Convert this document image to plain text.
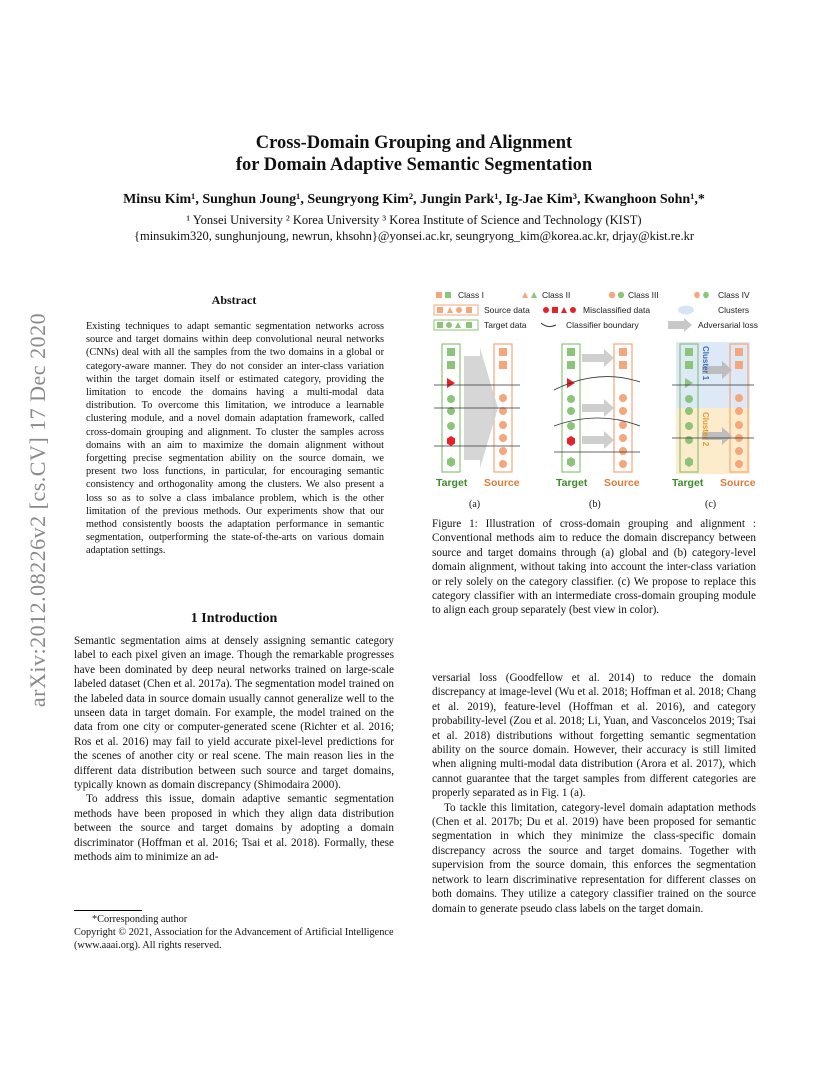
arXiv:2012.08226v2 [cs.CV] 17 Dec 2020
Cross-Domain Grouping and Alignment
for Domain Adaptive Semantic Segmentation
Minsu Kim¹, Sunghun Joung¹, Seungryong Kim², Jungin Park¹, Ig-Jae Kim³, Kwanghoon Sohn¹,*
¹ Yonsei University ² Korea University ³ Korea Institute of Science and Technology (KIST)
{minsukim320, sunghunjoung, newrun, khsohn}@yonsei.ac.kr, seungryong_kim@korea.ac.kr, drjay@kist.re.kr
Abstract
Existing techniques to adapt semantic segmentation networks across source and target domains within deep convolutional neural networks (CNNs) deal with all the samples from the two domains in a global or category-aware manner. They do not consider an inter-class variation within the target domain itself or estimated category, providing the limitation to encode the domains having a multi-modal data distribution. To overcome this limitation, we introduce a learnable clustering module, and a novel domain adaptation framework, called cross-domain grouping and alignment. To cluster the samples across domains with an aim to maximize the domain alignment without forgetting precise segmentation ability on the source domain, we present two loss functions, in particular, for encouraging semantic consistency and orthogonality among the clusters. We also present a loss so as to solve a class imbalance problem, which is the other limitation of the previous methods. Our experiments show that our method consistently boosts the adaptation performance in semantic segmentation, outperforming the state-of-the-arts on various domain adaptation settings.
1 Introduction

Semantic segmentation aims at densely assigning semantic category label to each pixel given an image. Though the remarkable progresses have been dominated by deep neural networks trained on large-scale labeled dataset (Chen et al. 2017a). The segmentation model trained on the labeled data in source domain usually cannot generalize well to the unseen data in target domain. For example, the model trained on the data from one city or computer-generated scene (Richter et al. 2016; Ros et al. 2016) may fail to yield accurate pixel-level predictions for the scenes of another city or real scene. The main reason lies in the different data distribution between such source and target domains, typically known as domain discrepancy (Shimodaira 2000).

To address this issue, domain adaptive semantic segmentation methods have been proposed in which they align data distribution between the source and target domains by adopting a domain discriminator (Hoffman et al. 2016; Tsai et al. 2018). Formally, these methods aim to minimize an ad-

*Corresponding author
Copyright © 2021, Association for the Advancement of Artificial Intelligence (www.aaai.org). All rights reserved.
Class I	Class II	Class III	Class IV
Source data	Misclassified data	Clusters
Target data	Classifier boundary	Adversarial loss
Target Source
(a)
Target Source
(b)
Cluster 1
Cluster 2
Target Source
(c)
Figure 1: Illustration of cross-domain grouping and alignment : Conventional methods aim to reduce the domain discrepancy between source and target domains through (a) global and (b) category-level domain alignment, without taking into account the inter-class variation or rely solely on the category classifier. (c) We propose to replace this category classifier with an intermediate cross-domain grouping module to align each group separately (best view in color).

versarial loss (Goodfellow et al. 2014) to reduce the domain discrepancy at image-level (Wu et al. 2018; Hoffman et al. 2018; Chang et al. 2019), feature-level (Hoffman et al. 2016), and category probability-level (Zou et al. 2018; Li, Yuan, and Vasconcelos 2019; Tsai et al. 2018) distributions without forgetting semantic segmentation ability on the source domain. However, their accuracy is still limited when aligning multi-modal data distribution (Arora et al. 2017), which cannot guarantee that the target samples from different categories are properly separated as in Fig. 1 (a).

To tackle this limitation, category-level domain adaptation methods (Chen et al. 2017b; Du et al. 2019) have been proposed for semantic segmentation in which they minimize the class-specific domain discrepancy across the source and target domains. Together with supervision from the source domain, this enforces the segmentation network to learn discriminative representation for different classes on both domains. They utilize a category classifier trained on the source domain to generate pseudo class labels on the target domain.
